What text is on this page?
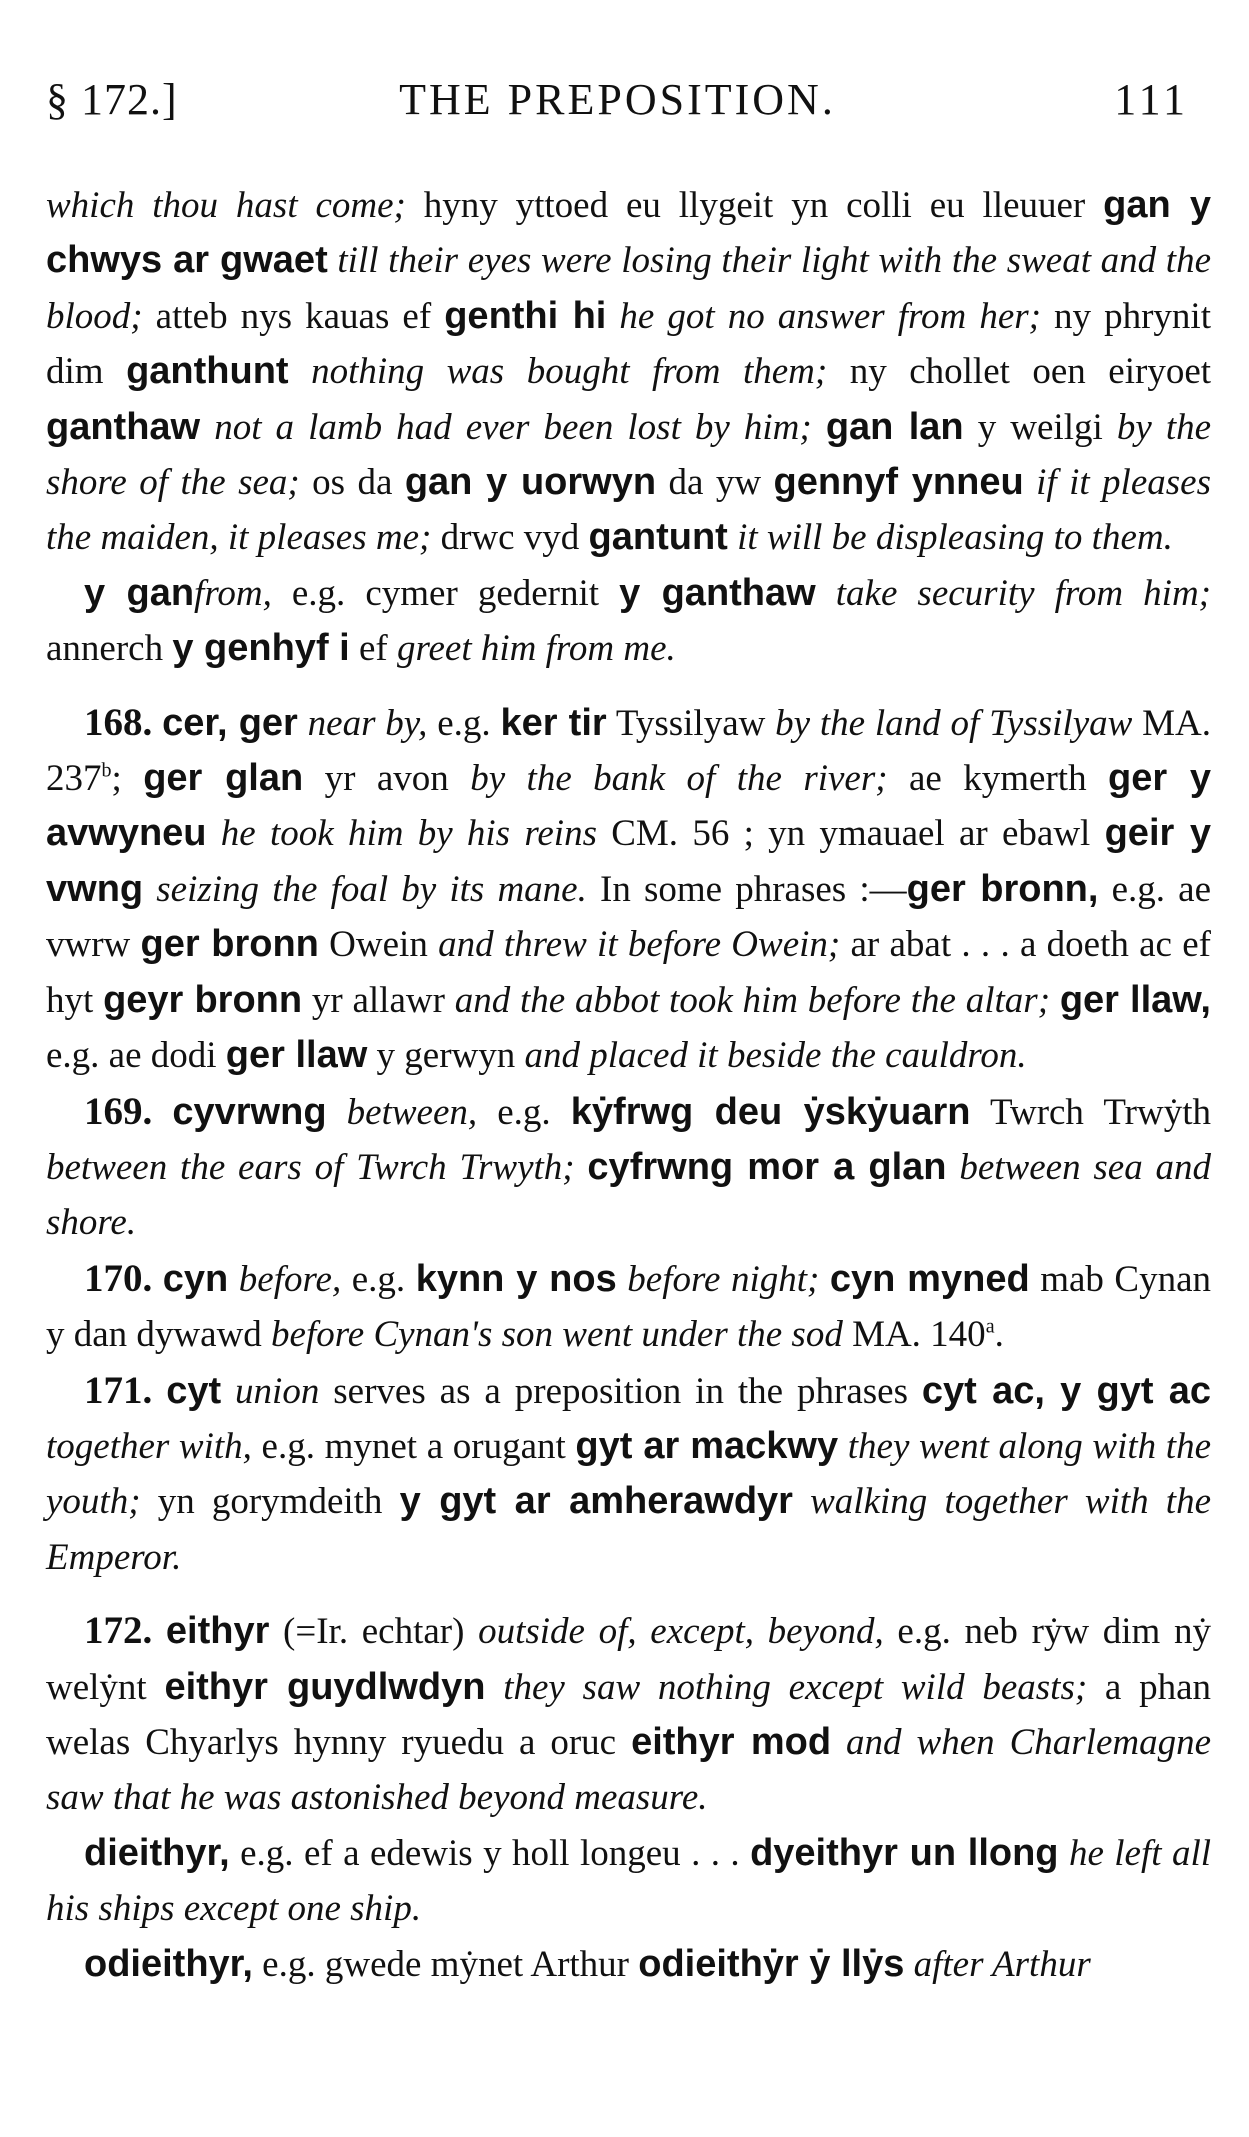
§ 172.]	THE PREPOSITION.	111

which thou hast come; hyny yttoed eu llygeit yn colli eu lleuuer gan y chwys ar gwaet till their eyes were losing their light with the sweat and the blood; atteb nys kauas ef genthi hi he got no answer from her; ny phrynit dim ganthunt nothing was bought from them; ny chollet oen eiryoet ganthaw not a lamb had ever been lost by him; gan lan y weilgi by the shore of the sea; os da gan y uorwyn da yw gennyf ynneu if it pleases the maiden, it pleases me; drwc vyd gantunt it will be displeasing to them.

y ganfrom, e.g. cymer gedernit y ganthaw take security from him; annerch y genhyf i ef greet him from me.

168. cer, ger near by, e.g. ker tir Tyssilyaw by the land of Tyssilyaw MA. 237$^b$; ger glan yr avon by the bank of the river; ae kymerth ger y avwyneu he took him by his reins CM. 56 ; yn ymauael ar ebawl geir y vwng seizing the foal by its mane. In some phrases :—ger bronn, e.g. ae vwrw ger bronn Owein and threw it before Owein; ar abat . . . a doeth ac ef hyt geyr bronn yr allawr and the abbot took him before the altar; ger llaw, e.g. ae dodi ger llaw y gerwyn and placed it beside the cauldron.

169. cyvrwng between, e.g. kẏfrwg deu ẏskẏuarn Twrch Trwẏth between the ears of Twrch Trwyth; cyfrwng mor a glan between sea and shore.

170. cyn before, e.g. kynn y nos before night; cyn myned mab Cynan y dan dywawd before Cynan's son went under the sod MA. 140$^a$.

171. cyt union serves as a preposition in the phrases cyt ac, y gyt ac together with, e.g. mynet a orugant gyt ar mackwy they went along with the youth; yn gorymdeith y gyt ar amherawdyr walking together with the Emperor.

172. eithyr (=Ir. echtar) outside of, except, beyond, e.g. neb rẏw dim nẏ welẏnt eithyr guydlwdyn they saw nothing except wild beasts; a phan welas Chyarlys hynny ryuedu a oruc eithyr mod and when Charlemagne saw that he was astonished beyond measure.

dieithyr, e.g. ef a edewis y holl longeu . . . dyeithyr un llong he left all his ships except one ship.

odieithyr, e.g. gwede mẏnet Arthur odieithẏr ẏ llẏs after Arthur
